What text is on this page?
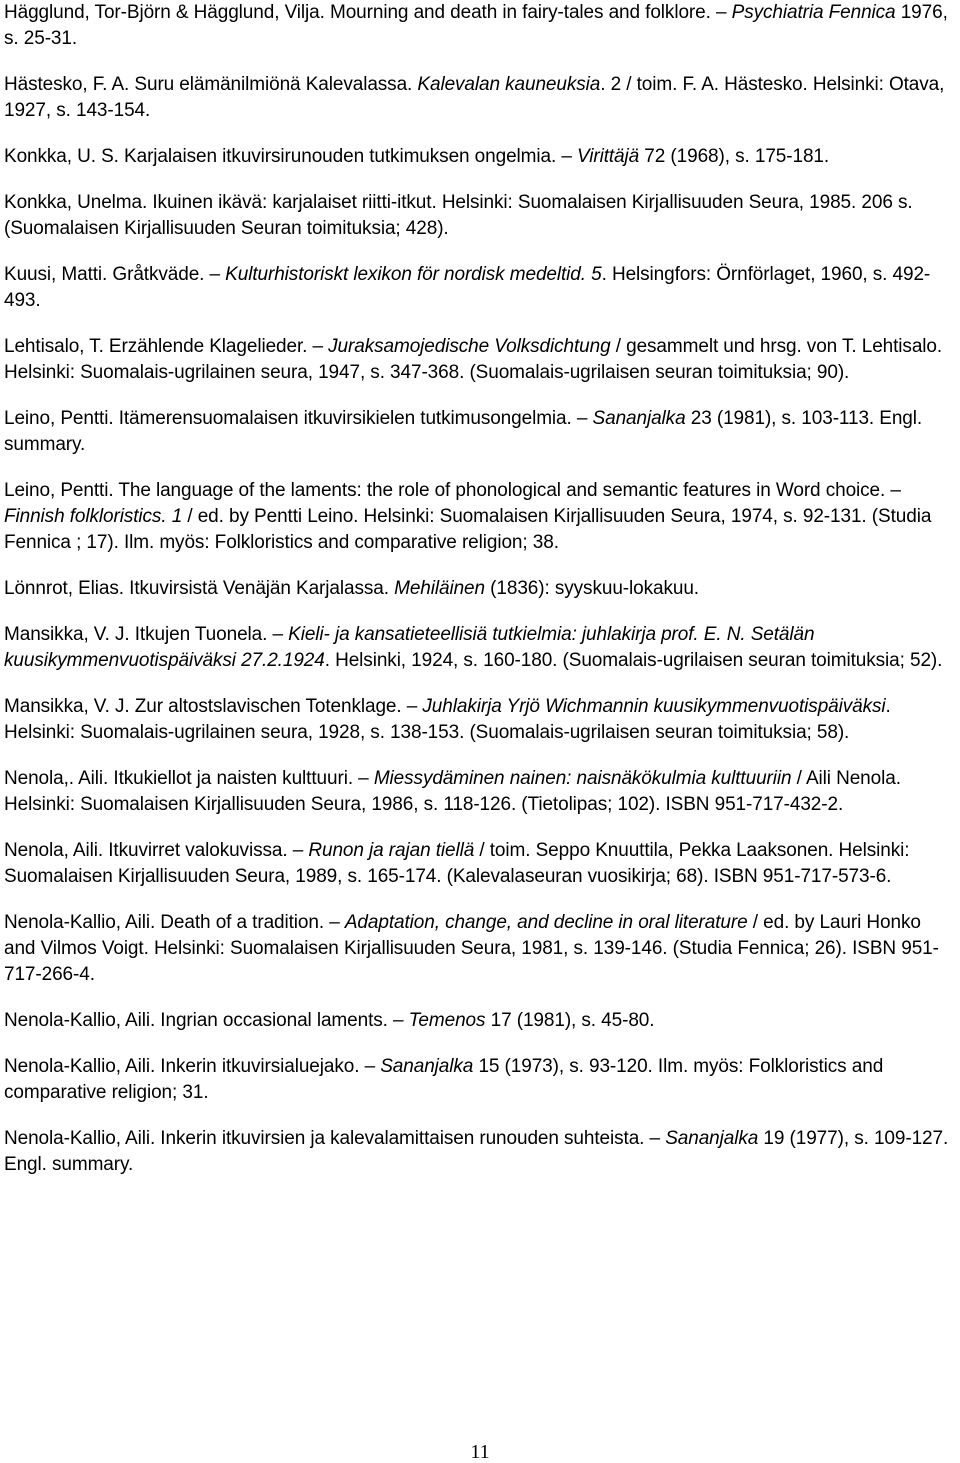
Hägglund, Tor-Björn & Hägglund, Vilja. Mourning and death in fairy-tales and folklore. – Psychiatria Fennica 1976, s. 25-31.

Hästesko, F. A. Suru elämänilmiönä Kalevalassa. Kalevalan kauneuksia. 2 / toim. F. A. Hästesko. Helsinki: Otava, 1927, s. 143-154.

Konkka, U. S. Karjalaisen itkuvirsirunouden tutkimuksen ongelmia. – Virittäjä 72 (1968), s. 175-181.

Konkka, Unelma. Ikuinen ikävä: karjalaiset riitti-itkut. Helsinki: Suomalaisen Kirjallisuuden Seura, 1985. 206 s. (Suomalaisen Kirjallisuuden Seuran toimituksia; 428).

Kuusi, Matti. Gråtkväde. – Kulturhistoriskt lexikon för nordisk medeltid. 5. Helsingfors: Örnförlaget, 1960, s. 492-493.

Lehtisalo, T. Erzählende Klagelieder. – Juraksamojedische Volksdichtung / gesammelt und hrsg. von T. Lehtisalo. Helsinki: Suomalais-ugrilainen seura, 1947, s. 347-368. (Suomalais-ugrilaisen seuran toimituksia; 90).

Leino, Pentti. Itämerensuomalaisen itkuvirsikielen tutkimusongelmia. – Sananjalka 23 (1981), s. 103-113. Engl. summary.

Leino, Pentti. The language of the laments: the role of phonological and semantic features in Word choice. – Finnish folkloristics. 1 / ed. by Pentti Leino. Helsinki: Suomalaisen Kirjallisuuden Seura, 1974, s. 92-131. (Studia Fennica ; 17). Ilm. myös: Folkloristics and comparative religion; 38.

Lönnrot, Elias. Itkuvirsistä Venäjän Karjalassa. Mehiläinen (1836): syyskuu-lokakuu.

Mansikka, V. J. Itkujen Tuonela. – Kieli- ja kansatieteellisiä tutkielmia: juhlakirja prof. E. N. Setälän kuusikymmenvuotispäiväksi 27.2.1924. Helsinki, 1924, s. 160-180. (Suomalais-ugrilaisen seuran toimituksia; 52).

Mansikka, V. J. Zur altostslavischen Totenklage. – Juhlakirja Yrjö Wichmannin kuusikymmenvuotispäiväksi. Helsinki: Suomalais-ugrilainen seura, 1928, s. 138-153. (Suomalais-ugrilaisen seuran toimituksia; 58).

Nenola,. Aili. Itkukiellot ja naisten kulttuuri. – Miessydäminen nainen: naisnäkökulmia kulttuuriin / Aili Nenola. Helsinki: Suomalaisen Kirjallisuuden Seura, 1986, s. 118-126. (Tietolipas; 102). ISBN 951-717-432-2.

Nenola, Aili. Itkuvirret valokuvissa. – Runon ja rajan tiellä / toim. Seppo Knuuttila, Pekka Laaksonen. Helsinki: Suomalaisen Kirjallisuuden Seura, 1989, s. 165-174. (Kalevalaseuran vuosikirja; 68). ISBN 951-717-573-6.

Nenola-Kallio, Aili. Death of a tradition. – Adaptation, change, and decline in oral literature / ed. by Lauri Honko and Vilmos Voigt. Helsinki: Suomalaisen Kirjallisuuden Seura, 1981, s. 139-146. (Studia Fennica; 26). ISBN 951-717-266-4.

Nenola-Kallio, Aili. Ingrian occasional laments. – Temenos 17 (1981), s. 45-80.

Nenola-Kallio, Aili. Inkerin itkuvirsialuejako. – Sananjalka 15 (1973), s. 93-120. Ilm. myös: Folkloristics and comparative religion; 31.

Nenola-Kallio, Aili. Inkerin itkuvirsien ja kalevalamittaisen runouden suhteista. – Sananjalka 19 (1977), s. 109-127. Engl. summary.

11
